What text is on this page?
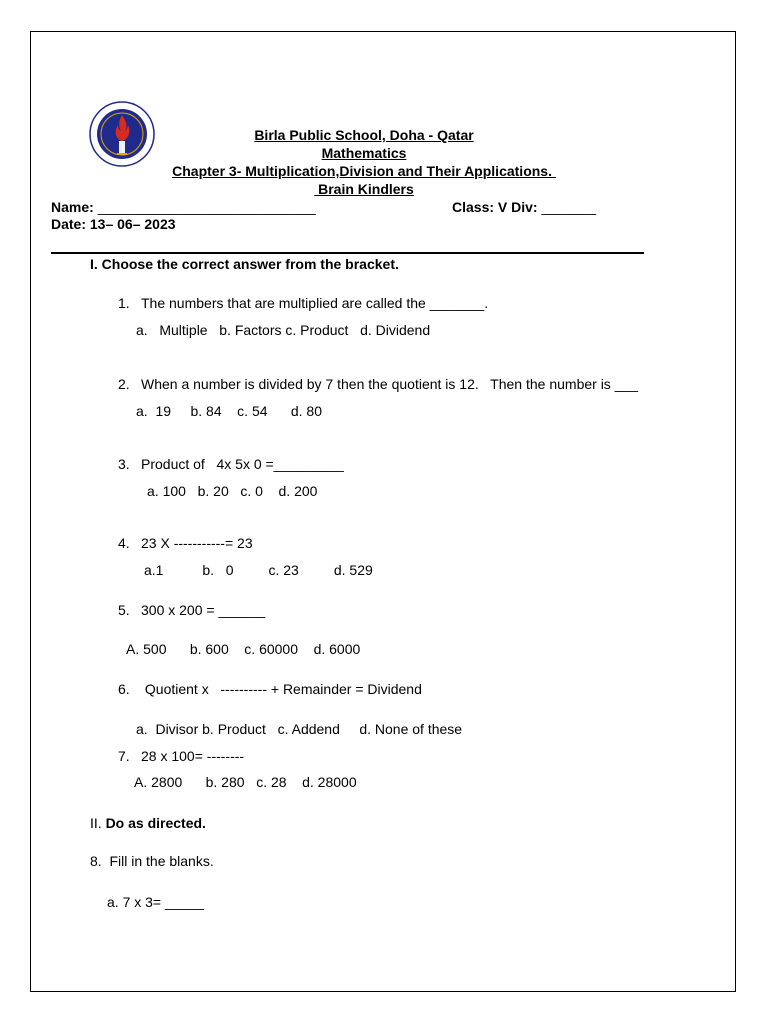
Birla Public School, Doha - Qatar
Mathematics
Chapter 3- Multiplication,Division and Their Applications.
Brain Kindlers
Name: ____________________________	Class: V Div: _______
Date: 13– 06– 2023
I. Choose the correct answer from the bracket.
1. The numbers that are multiplied are called the _______.
a.   Multiple   b. Factors c. Product   d. Dividend
2. When a number is divided by 7 then the quotient is 12.   Then the number is ___
a.  19     b. 84    c. 54      d. 80
3. Product of   4x 5x 0 =_________
a. 100   b. 20   c. 0    d. 200
4. 23 X -----------= 23
a.1          b.   0         c. 23         d. 529
5. 300 x 200 = ______
A. 500      b. 600    c. 60000    d. 6000
6. Quotient x   ---------- + Remainder = Dividend
a.  Divisor b. Product   c. Addend     d. None of these
7. 28 x 100= --------
A. 2800      b. 280   c. 28    d. 28000
II. Do as directed.
8.  Fill in the blanks.
a. 7 x 3= _____
